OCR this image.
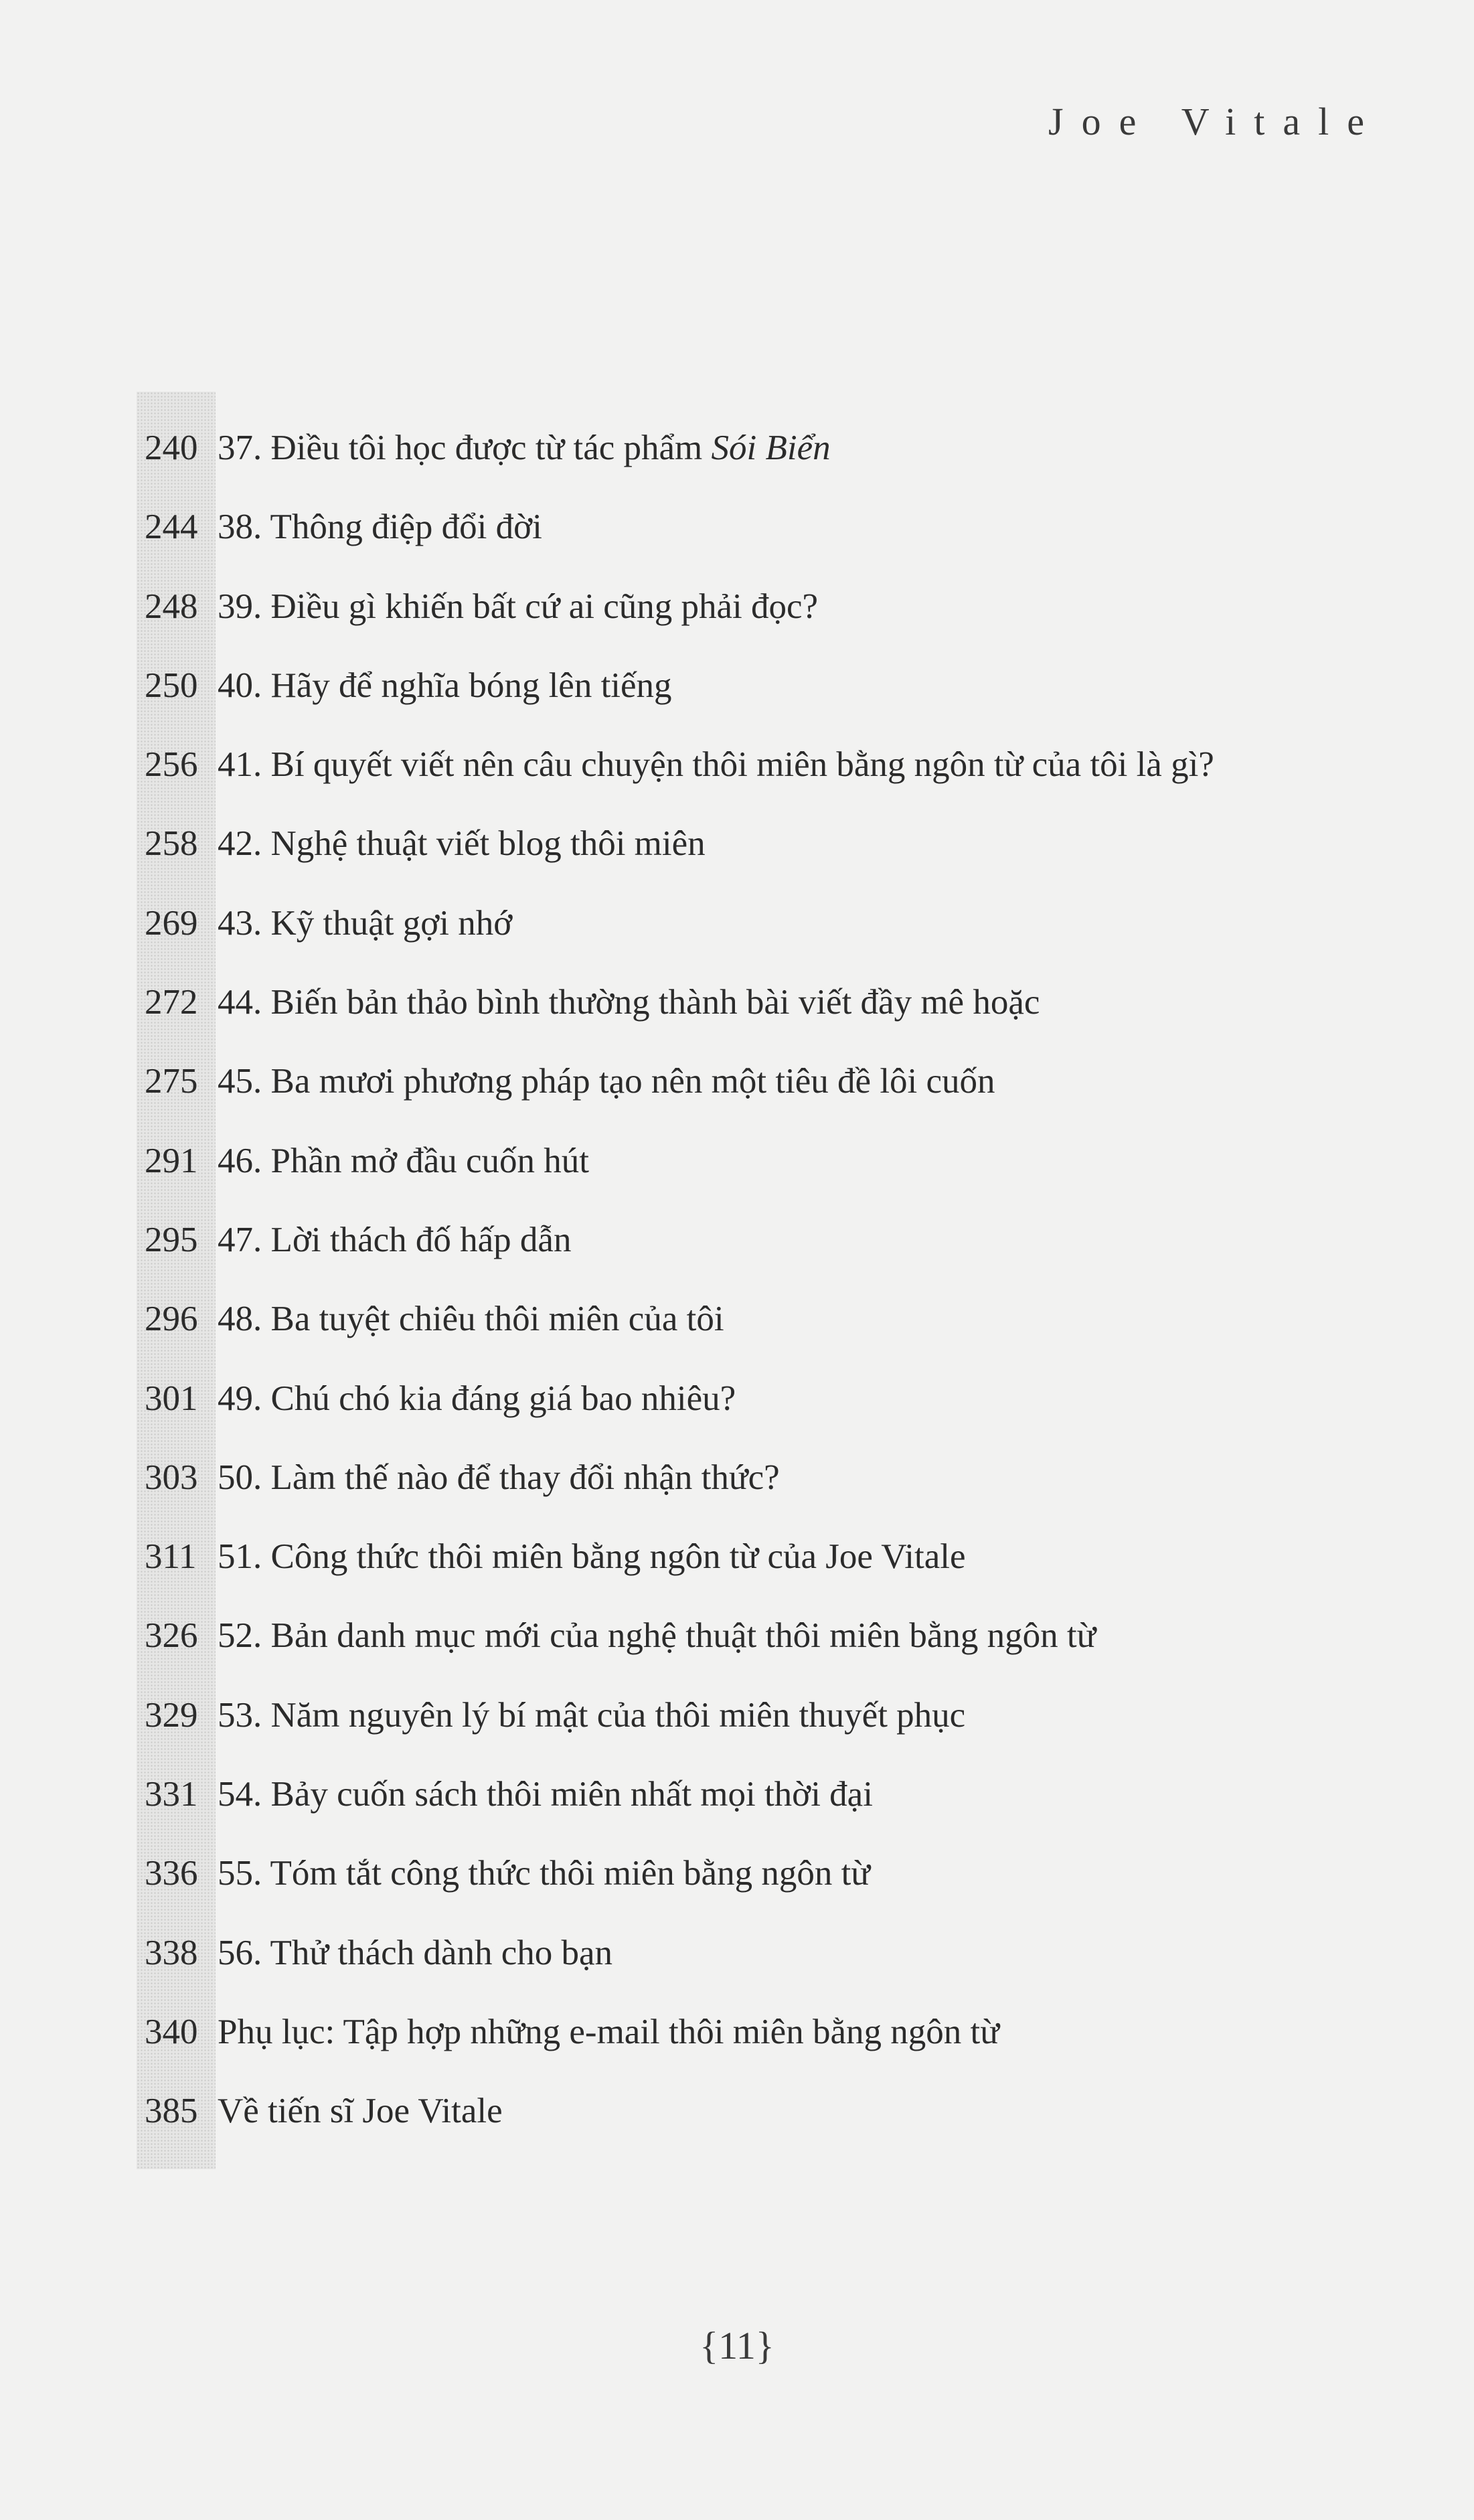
Joe Vitale
240 37. Điều tôi học được từ tác phẩm Sói Biển
244 38. Thông điệp đổi đời
248 39. Điều gì khiến bất cứ ai cũng phải đọc?
250 40. Hãy để nghĩa bóng lên tiếng
256 41. Bí quyết viết nên câu chuyện thôi miên bằng ngôn từ của tôi là gì?
258 42. Nghệ thuật viết blog thôi miên
269 43. Kỹ thuật gợi nhớ
272 44. Biến bản thảo bình thường thành bài viết đầy mê hoặc
275 45. Ba mươi phương pháp tạo nên một tiêu đề lôi cuốn
291 46. Phần mở đầu cuốn hút
295 47. Lời thách đố hấp dẫn
296 48. Ba tuyệt chiêu thôi miên của tôi
301 49. Chú chó kia đáng giá bao nhiêu?
303 50. Làm thế nào để thay đổi nhận thức?
311 51. Công thức thôi miên bằng ngôn từ của Joe Vitale
326 52. Bản danh mục mới của nghệ thuật thôi miên bằng ngôn từ
329 53. Năm nguyên lý bí mật của thôi miên thuyết phục
331 54. Bảy cuốn sách thôi miên nhất mọi thời đại
336 55. Tóm tắt công thức thôi miên bằng ngôn từ
338 56. Thử thách dành cho bạn
340 Phụ lục: Tập hợp những e-mail thôi miên bằng ngôn từ
385 Về tiến sĩ Joe Vitale
{11}
